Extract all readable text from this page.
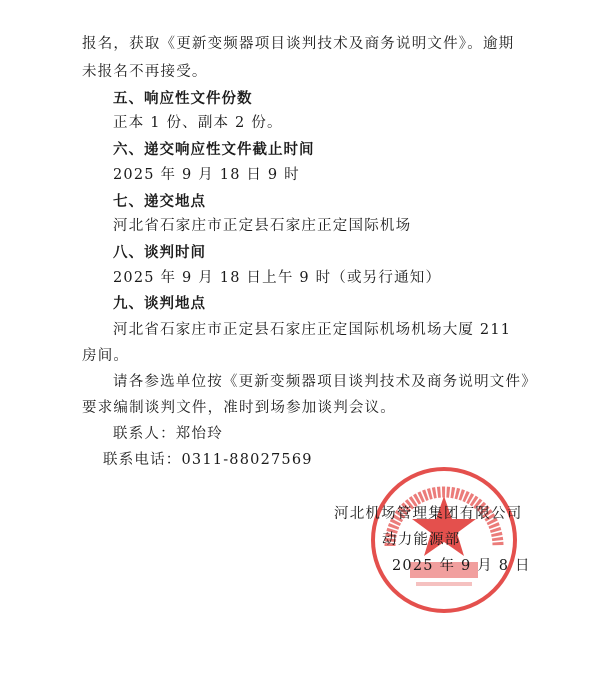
报名，获取《更新变频器项目谈判技术及商务说明文件》。逾期
未报名不再接受。
五、响应性文件份数
正本 1 份、副本 2 份。
六、递交响应性文件截止时间
2025 年 9 月 18 日 9 时
七、递交地点
河北省石家庄市正定县石家庄正定国际机场
八、谈判时间
2025 年 9 月 18 日上午 9 时（或另行通知）
九、谈判地点
河北省石家庄市正定县石家庄正定国际机场机场大厦 211
房间。
请各参选单位按《更新变频器项目谈判技术及商务说明文件》
要求编制谈判文件，准时到场参加谈判会议。
联系人：郑怡玲
联系电话：0311-88027569
河北机场管理集团有限公司
动力能源部
2025 年 9 月 8 日
